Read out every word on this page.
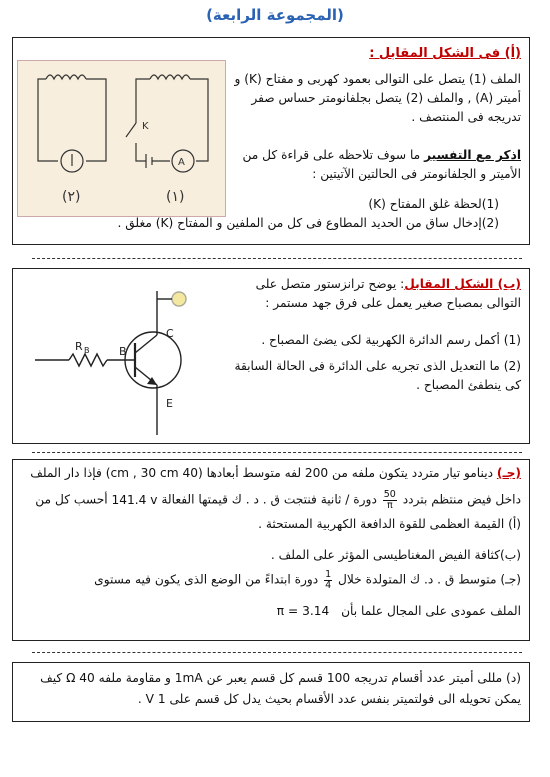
(المجموعة الرابعة)
(أ) فى الشكل المقابل :
A
K
(٢)	(١)
الملف (1) يتصل على التوالى بعمود كهربى و مفتاح (K) و أميتر (A) , والملف (2) يتصل بجلفانومتر حساس صفر تدريجه فى المنتصف .
اذكر مع التفسير ما سوف تلاحظه على قراءة كل من الأميتر و الجلفانومتر فى الحالتين الآتيتين :
(1)لحظة غلق المفتاح (K)
(2)إدخال ساق من الحديد المطاوع فى كل من الملفين و المفتاح (K) مغلق .
R B	B
C
E
(ب) الشكل المقابل: يوضح ترانزستور متصل على التوالى بمصباح صغير يعمل على فرق جهد مستمر :
(1) أكمل رسم الدائرة الكهربية لكى يضئ المصباح .
(2) ما التعديل الذى تجريه على الدائرة فى الحالة السابقة كى ينطفئ المصباح .
(جـ) دينامو تيار متردد يتكون ملفه من 200 لفه متوسط أبعادها (40 cm , 30 cm) فإذا دار الملف
داخل فيض منتظم بتردد
$\frac{50}{\pi}$
دورة / ثانية فنتجت ق . د . ك قيمتها الفعالة 141.4 v أحسب كل من
(أ) القيمة العظمى للقوة الدافعة الكهربية المستحثة .
(ب)كثافة الفيض المغناطيسى المؤثر على الملف .
(جـ) متوسط ق . د. ك المتولدة خلال
$\frac{1}{4}$
دورة ابتداءً من الوضع الذى يكون فيه مستوى
الملف عمودى على المجال علما بأن π = 3.14
(د) مللى أميتر عدد أقسام تدريجه 100 قسم كل قسم يعبر عن 1mA و مقاومة ملفه 40 Ω كيف
يمكن تحويله الى فولتميتر بنفس عدد الأقسام بحيث يدل كل قسم على 1 V .
